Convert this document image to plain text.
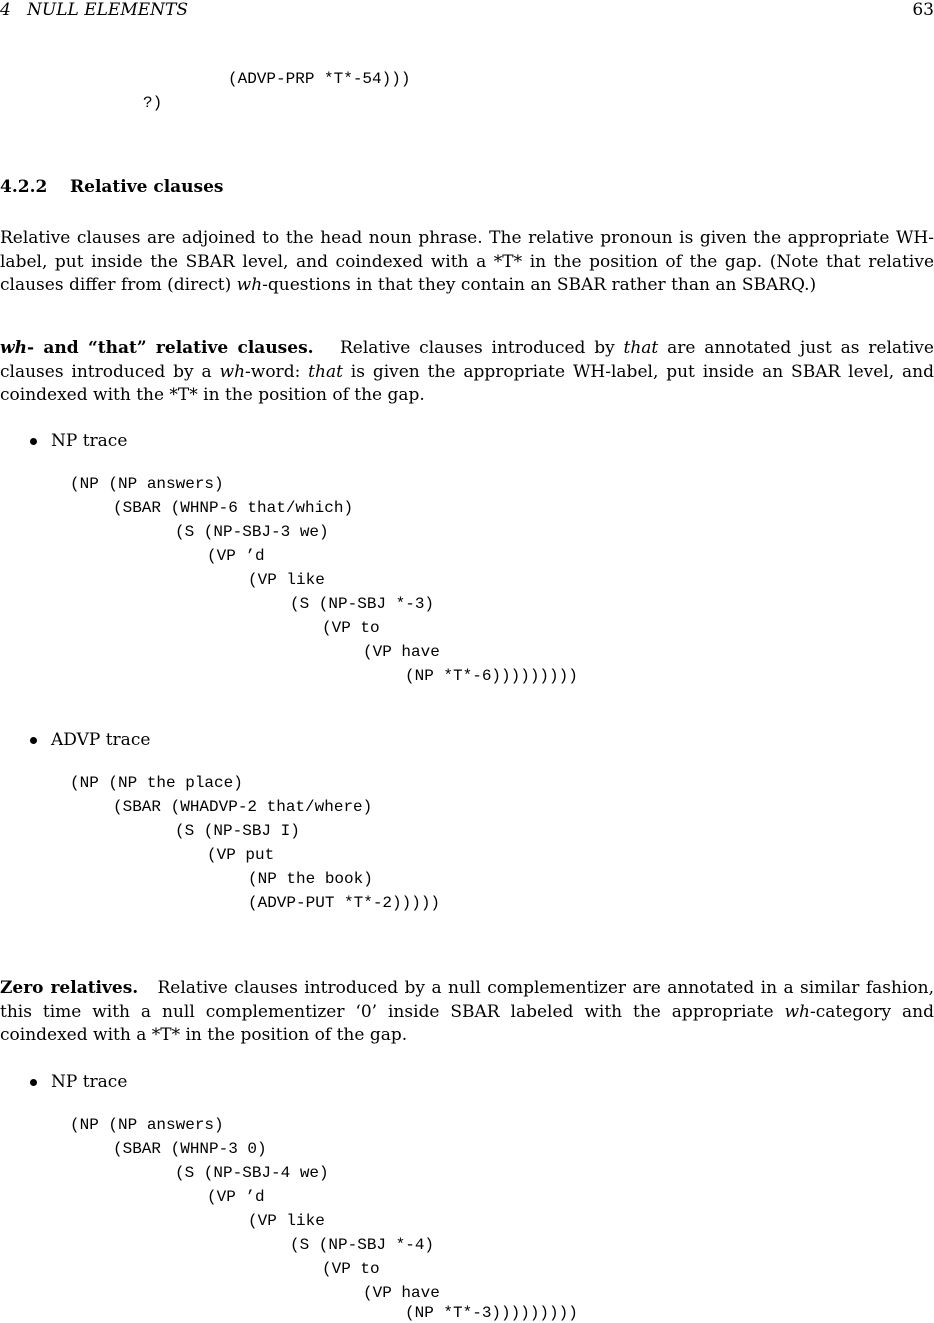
4   NULL ELEMENTS	63
(ADVP-PRP *T*-54)))
?)
4.2.2 Relative clauses
Relative clauses are adjoined to the head noun phrase. The relative pronoun is given the appropriate WH-label, put inside the SBAR level, and coindexed with a *T* in the position of the gap. (Note that relative clauses differ from (direct) wh-questions in that they contain an SBAR rather than an SBARQ.)
wh- and “that” relative clauses. Relative clauses introduced by that are annotated just as relative clauses introduced by a wh-word: that is given the appropriate WH-label, put inside an SBAR level, and coindexed with the *T* in the position of the gap.
NP trace
(NP (NP answers)
(SBAR (WHNP-6 that/which)
(S (NP-SBJ-3 we)
(VP ’d
(VP like
(S (NP-SBJ *-3)
(VP to
(VP have
(NP *T*-6)))))))))
ADVP trace
(NP (NP the place)
(SBAR (WHADVP-2 that/where)
(S (NP-SBJ I)
(VP put
(NP the book)
(ADVP-PUT *T*-2)))))
Zero relatives. Relative clauses introduced by a null complementizer are annotated in a similar fashion, this time with a null complementizer ‘0’ inside SBAR labeled with the appropriate wh-category and coindexed with a *T* in the position of the gap.
NP trace
(NP (NP answers)
(SBAR (WHNP-3 0)
(S (NP-SBJ-4 we)
(VP ’d
(VP like
(S (NP-SBJ *-4)
(VP to
(VP have
(NP *T*-3)))))))))
